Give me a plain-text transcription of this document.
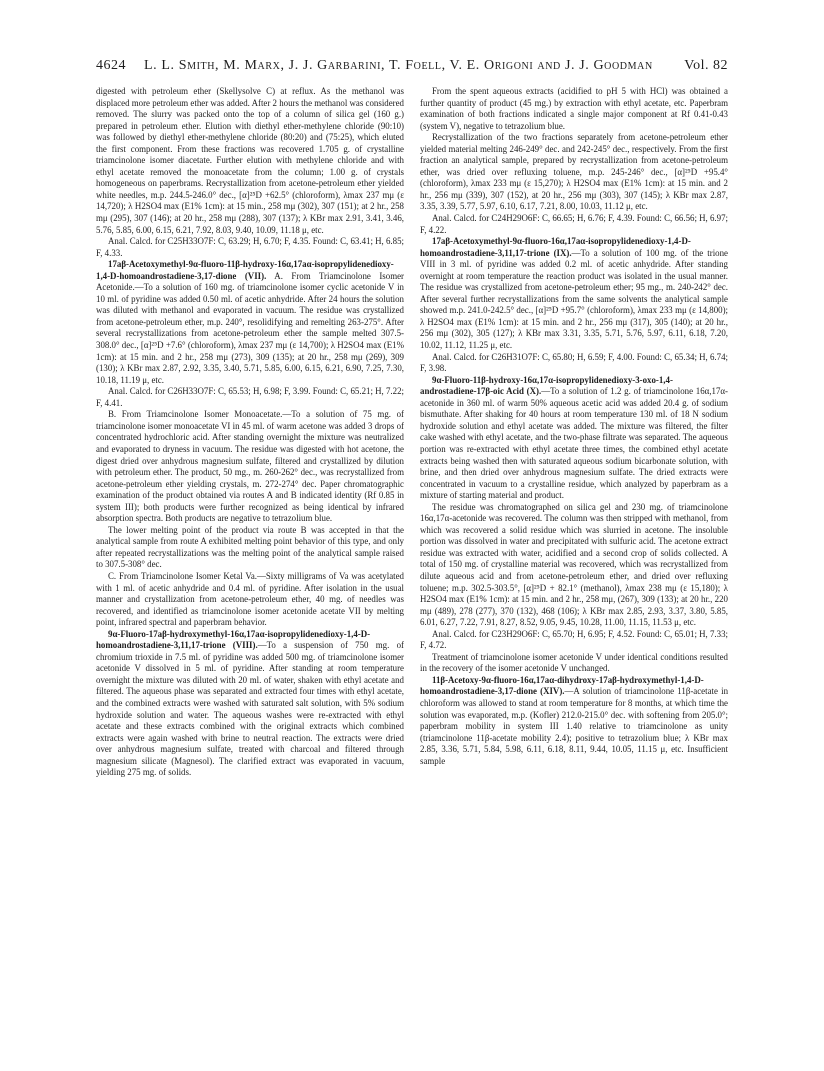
4624 L. L. Smith, M. Marx, J. J. Garbarini, T. Foell, V. E. Origoni and J. J. Goodman Vol. 82

digested with petroleum ether (Skellysolve C) at reflux. As the methanol was displaced more petroleum ether was added. After 2 hours the methanol was considered removed. The slurry was packed onto the top of a column of silica gel (160 g.) prepared in petroleum ether. Elution with diethyl ether-methylene chloride (90:10) was followed by diethyl ether-methylene chloride (80:20) and (75:25), which eluted the first component. From these fractions was recovered 1.705 g. of crystalline triamcinolone isomer diacetate. Further elution with methylene chloride and with ethyl acetate removed the monoacetate from the column; 1.00 g. of crystals homogeneous on paperbrams. Recrystallization from acetone-petroleum ether yielded white needles, m.p. 244.5-246.0° dec., [α]²⁵D +62.5° (chloroform), λmax 237 mμ (ε 14,720); λ H2SO4 max (E1% 1cm): at 15 min., 258 mμ (302), 307 (151); at 2 hr., 258 mμ (295), 307 (146); at 20 hr., 258 mμ (288), 307 (137); λ KBr max 2.91, 3.41, 3.46, 5.76, 5.85, 6.00, 6.15, 6.21, 7.92, 8.03, 9.40, 10.09, 11.18 μ, etc.

Anal. Calcd. for C25H33O7F: C, 63.29; H, 6.70; F, 4.35. Found: C, 63.41; H, 6.85; F, 4.33.

17aβ-Acetoxymethyl-9α-fluoro-11β-hydroxy-16α,17aα-isopropylidenedioxy-1,4-D-homoandrostadiene-3,17-dione (VII). A. From Triamcinolone Isomer Acetonide.—To a solution of 160 mg. of triamcinolone isomer cyclic acetonide V in 10 ml. of pyridine was added 0.50 ml. of acetic anhydride. After 24 hours the solution was diluted with methanol and evaporated in vacuum. The residue was crystallized from acetone-petroleum ether, m.p. 240°, resolidifying and remelting 263-275°. After several recrystallizations from acetone-petroleum ether the sample melted 307.5-308.0° dec., [α]²⁵D +7.6° (chloroform), λmax 237 mμ (ε 14,700); λ H2SO4 max (E1% 1cm): at 15 min. and 2 hr., 258 mμ (273), 309 (135); at 20 hr., 258 mμ (269), 309 (130); λ KBr max 2.87, 2.92, 3.35, 3.40, 5.71, 5.85, 6.00, 6.15, 6.21, 6.90, 7.25, 7.30, 10.18, 11.19 μ, etc.

Anal. Calcd. for C26H33O7F: C, 65.53; H, 6.98; F, 3.99. Found: C, 65.21; H, 7.22; F, 4.41.

B. From Triamcinolone Isomer Monoacetate.—To a solution of 75 mg. of triamcinolone isomer monoacetate VI in 45 ml. of warm acetone was added 3 drops of concentrated hydrochloric acid. After standing overnight the mixture was neutralized and evaporated to dryness in vacuum. The residue was digested with hot acetone, the digest dried over anhydrous magnesium sulfate, filtered and crystallized by dilution with petroleum ether. The product, 50 mg., m. 260-262° dec., was recrystallized from acetone-petroleum ether yielding crystals, m. 272-274° dec. Paper chromatographic examination of the product obtained via routes A and B indicated identity (Rf 0.85 in system III); both products were further recognized as being identical by infrared absorption spectra. Both products are negative to tetrazolium blue.

The lower melting point of the product via route B was accepted in that the analytical sample from route A exhibited melting point behavior of this type, and only after repeated recrystallizations was the melting point of the analytical sample raised to 307.5-308° dec.

C. From Triamcinolone Isomer Ketal Va.—Sixty milligrams of Va was acetylated with 1 ml. of acetic anhydride and 0.4 ml. of pyridine. After isolation in the usual manner and crystallization from acetone-petroleum ether, 40 mg. of needles was recovered, and identified as triamcinolone isomer acetonide acetate VII by melting point, infrared spectral and paperbram behavior.

9α-Fluoro-17aβ-hydroxymethyl-16α,17aα-isopropylidenedioxy-1,4-D-homoandrostadiene-3,11,17-trione (VIII).—To a suspension of 750 mg. of chromium trioxide in 7.5 ml. of pyridine was added 500 mg. of triamcinolone isomer acetonide V dissolved in 5 ml. of pyridine. After standing at room temperature overnight the mixture was diluted with 20 ml. of water, shaken with ethyl acetate and filtered. The aqueous phase was separated and extracted four times with ethyl acetate, and the combined extracts were washed with saturated salt solution, with 5% sodium hydroxide solution and water. The aqueous washes were re-extracted with ethyl acetate and these extracts combined with the original extracts which combined extracts were again washed with brine to neutral reaction. The extracts were dried over anhydrous magnesium sulfate, treated with charcoal and filtered through magnesium silicate (Magnesol). The clarified extract was evaporated in vacuum, yielding 275 mg. of solids.

From the spent aqueous extracts (acidified to pH 5 with HCl) was obtained a further quantity of product (45 mg.) by extraction with ethyl acetate, etc. Paperbram examination of both fractions indicated a single major component at Rf 0.41-0.43 (system V), negative to tetrazolium blue.

Recrystallization of the two fractions separately from acetone-petroleum ether yielded material melting 246-249° dec. and 242-245° dec., respectively. From the first fraction an analytical sample, prepared by recrystallization from acetone-petroleum ether, was dried over refluxing toluene, m.p. 245-246° dec., [α]²⁵D +95.4° (chloroform), λmax 233 mμ (ε 15,270); λ H2SO4 max (E1% 1cm): at 15 min. and 2 hr., 256 mμ (339), 307 (152), at 20 hr., 256 mμ (303), 307 (145); λ KBr max 2.87, 3.35, 3.39, 5.77, 5.97, 6.10, 6.17, 7.21, 8.00, 10.03, 11.12 μ, etc.

Anal. Calcd. for C24H29O6F: C, 66.65; H, 6.76; F, 4.39. Found: C, 66.56; H, 6.97; F, 4.22.

17aβ-Acetoxymethyl-9α-fluoro-16α,17aα-isopropylidenedioxy-1,4-D-homoandrostadiene-3,11,17-trione (IX).—To a solution of 100 mg. of the trione VIII in 3 ml. of pyridine was added 0.2 ml. of acetic anhydride. After standing overnight at room temperature the reaction product was isolated in the usual manner. The residue was crystallized from acetone-petroleum ether; 95 mg., m. 240-242° dec. After several further recrystallizations from the same solvents the analytical sample showed m.p. 241.0-242.5° dec., [α]²⁵D +95.7° (chloroform), λmax 233 mμ (ε 14,800); λ H2SO4 max (E1% 1cm): at 15 min. and 2 hr., 256 mμ (317), 305 (140); at 20 hr., 256 mμ (302), 305 (127); λ KBr max 3.31, 3.35, 5.71, 5.76, 5.97, 6.11, 6.18, 7.20, 10.02, 11.12, 11.25 μ, etc.

Anal. Calcd. for C26H31O7F: C, 65.80; H, 6.59; F, 4.00. Found: C, 65.34; H, 6.74; F, 3.98.

9α-Fluoro-11β-hydroxy-16α,17α-isopropylidenedioxy-3-oxo-1,4-androstadiene-17β-oic Acid (X).—To a solution of 1.2 g. of triamcinolone 16α,17α-acetonide in 360 ml. of warm 50% aqueous acetic acid was added 20.4 g. of sodium bismuthate. After shaking for 40 hours at room temperature 130 ml. of 18 N sodium hydroxide solution and ethyl acetate was added. The mixture was filtered, the filter cake washed with ethyl acetate, and the two-phase filtrate was separated. The aqueous portion was re-extracted with ethyl acetate three times, the combined ethyl acetate extracts being washed then with saturated aqueous sodium bicarbonate solution, with brine, and then dried over anhydrous magnesium sulfate. The dried extracts were concentrated in vacuum to a crystalline residue, which analyzed by paperbram as a mixture of starting material and product.

The residue was chromatographed on silica gel and 230 mg. of triamcinolone 16α,17α-acetonide was recovered. The column was then stripped with methanol, from which was recovered a solid residue which was slurried in acetone. The insoluble portion was dissolved in water and precipitated with sulfuric acid. The acetone extract residue was extracted with water, acidified and a second crop of solids collected. A total of 150 mg. of crystalline material was recovered, which was recrystallized from dilute aqueous acid and from acetone-petroleum ether, and dried over refluxing toluene; m.p. 302.5-303.5°, [α]²⁵D + 82.1° (methanol), λmax 238 mμ (ε 15,180); λ H2SO4 max (E1% 1cm): at 15 min. and 2 hr., 258 mμ, (267), 309 (133); at 20 hr., 220 mμ (489), 278 (277), 370 (132), 468 (106); λ KBr max 2.85, 2.93, 3.37, 3.80, 5.85, 6.01, 6.27, 7.22, 7.91, 8.27, 8.52, 9.05, 9.45, 10.28, 11.00, 11.15, 11.53 μ, etc.

Anal. Calcd. for C23H29O6F: C, 65.70; H, 6.95; F, 4.52. Found: C, 65.01; H, 7.33; F, 4.72.

Treatment of triamcinolone isomer acetonide V under identical conditions resulted in the recovery of the isomer acetonide V unchanged.

11β-Acetoxy-9α-fluoro-16α,17aα-dihydroxy-17aβ-hydroxymethyl-1,4-D-homoandrostadiene-3,17-dione (XIV).—A solution of triamcinolone 11β-acetate in chloroform was allowed to stand at room temperature for 8 months, at which time the solution was evaporated, m.p. (Kofler) 212.0-215.0° dec. with softening from 205.0°; paperbram mobility in system III 1.40 relative to triamcinolone as unity (triamcinolone 11β-acetate mobility 2.4); positive to tetrazolium blue; λ KBr max 2.85, 3.36, 5.71, 5.84, 5.98, 6.11, 6.18, 8.11, 9.44, 10.05, 11.15 μ, etc. Insufficient sample
